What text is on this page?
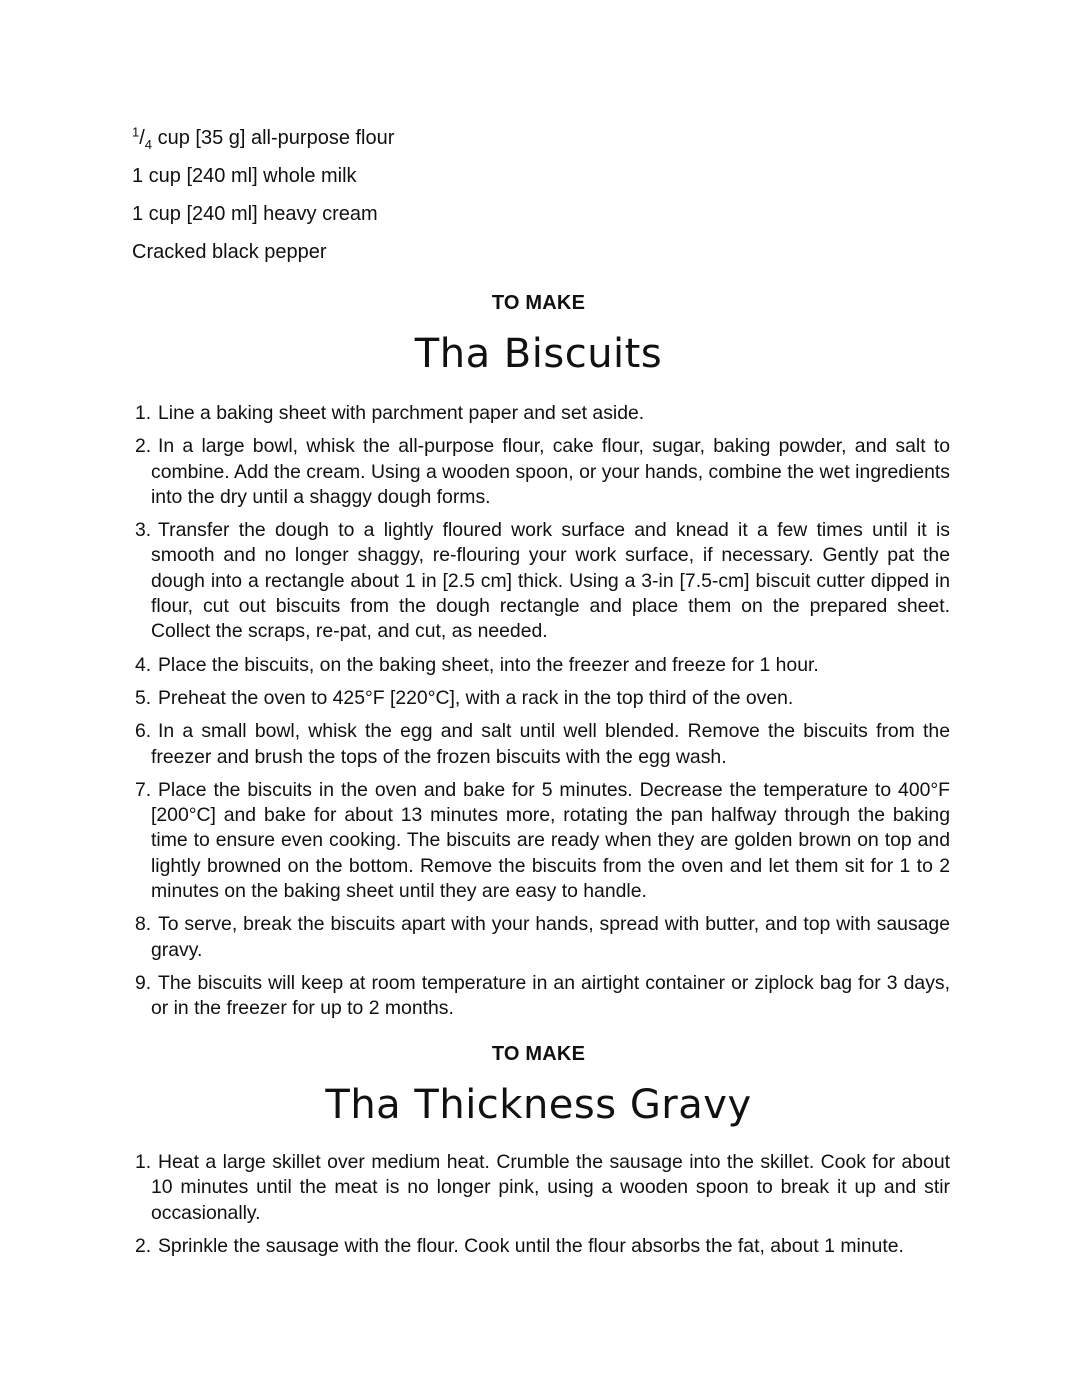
$^1/_4$ cup [35 g] all-purpose flour
1 cup [240 ml] whole milk
1 cup [240 ml] heavy cream
Cracked black pepper
TO MAKE
Tha Biscuits
1. Line a baking sheet with parchment paper and set aside.
2. In a large bowl, whisk the all-purpose flour, cake flour, sugar, baking powder, and salt to combine. Add the cream. Using a wooden spoon, or your hands, combine the wet ingredients into the dry until a shaggy dough forms.
3. Transfer the dough to a lightly floured work surface and knead it a few times until it is smooth and no longer shaggy, re-flouring your work surface, if necessary. Gently pat the dough into a rectangle about 1 in [2.5 cm] thick. Using a 3-in [7.5-cm] biscuit cutter dipped in flour, cut out biscuits from the dough rectangle and place them on the prepared sheet. Collect the scraps, re-pat, and cut, as needed.
4. Place the biscuits, on the baking sheet, into the freezer and freeze for 1 hour.
5. Preheat the oven to 425°F [220°C], with a rack in the top third of the oven.
6. In a small bowl, whisk the egg and salt until well blended. Remove the biscuits from the freezer and brush the tops of the frozen biscuits with the egg wash.
7. Place the biscuits in the oven and bake for 5 minutes. Decrease the temperature to 400°F [200°C] and bake for about 13 minutes more, rotating the pan halfway through the baking time to ensure even cooking. The biscuits are ready when they are golden brown on top and lightly browned on the bottom. Remove the biscuits from the oven and let them sit for 1 to 2 minutes on the baking sheet until they are easy to handle.
8. To serve, break the biscuits apart with your hands, spread with butter, and top with sausage gravy.
9. The biscuits will keep at room temperature in an airtight container or ziplock bag for 3 days, or in the freezer for up to 2 months.
TO MAKE
Tha Thickness Gravy
1. Heat a large skillet over medium heat. Crumble the sausage into the skillet. Cook for about 10 minutes until the meat is no longer pink, using a wooden spoon to break it up and stir occasionally.
2. Sprinkle the sausage with the flour. Cook until the flour absorbs the fat, about 1 minute.
